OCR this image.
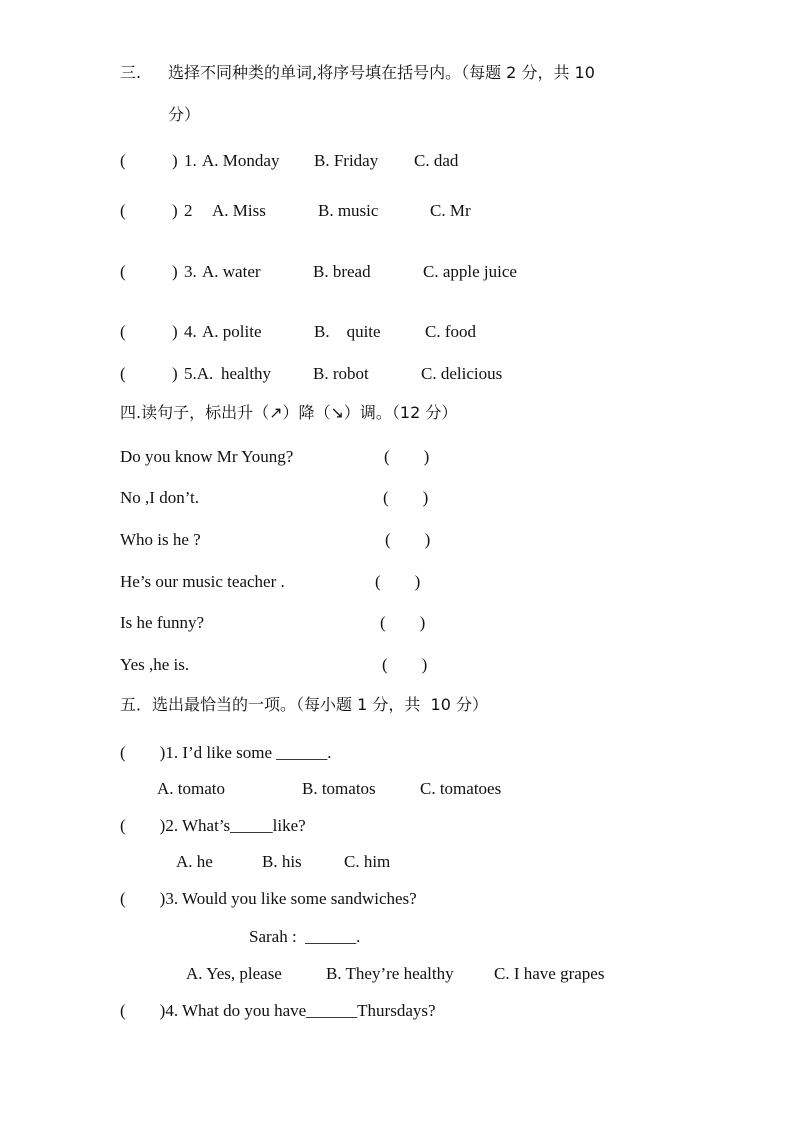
三. 选择不同种类的单词,将序号填在括号内。（每题 2 分，共 10
分）
(	) 1. A. Monday B. Friday C. dad
(	) 2 A. Miss	B. music	C. Mr
(	) 3. A. water	B. bread	C. apple juice
(	) 4. A. polite	B.    quite	C. food
(	) 5.A. healthy B. robot	C. delicious
四.读句子，标出升（↗）降（↘）调。（12 分）
Do you know Mr Young?	(        )
No ,I don’t.	(        )
Who is he ?	(        )
He’s our music teacher .	(        )
Is he funny?	(        )
Yes ,he is.	(        )
五．选出最恰当的一项。（每小题 1 分，共  10 分）
(        )1. I’d like some ______.
A. tomato	B. tomatos	C. tomatoes
(        )2. What’s_____like?
A. he	B. his C. him
(        )3. Would you like some sandwiches?
Sarah :  ______.
A. Yes, please	B. They’re healthy C. I have grapes
(        )4. What do you have______Thursdays?
